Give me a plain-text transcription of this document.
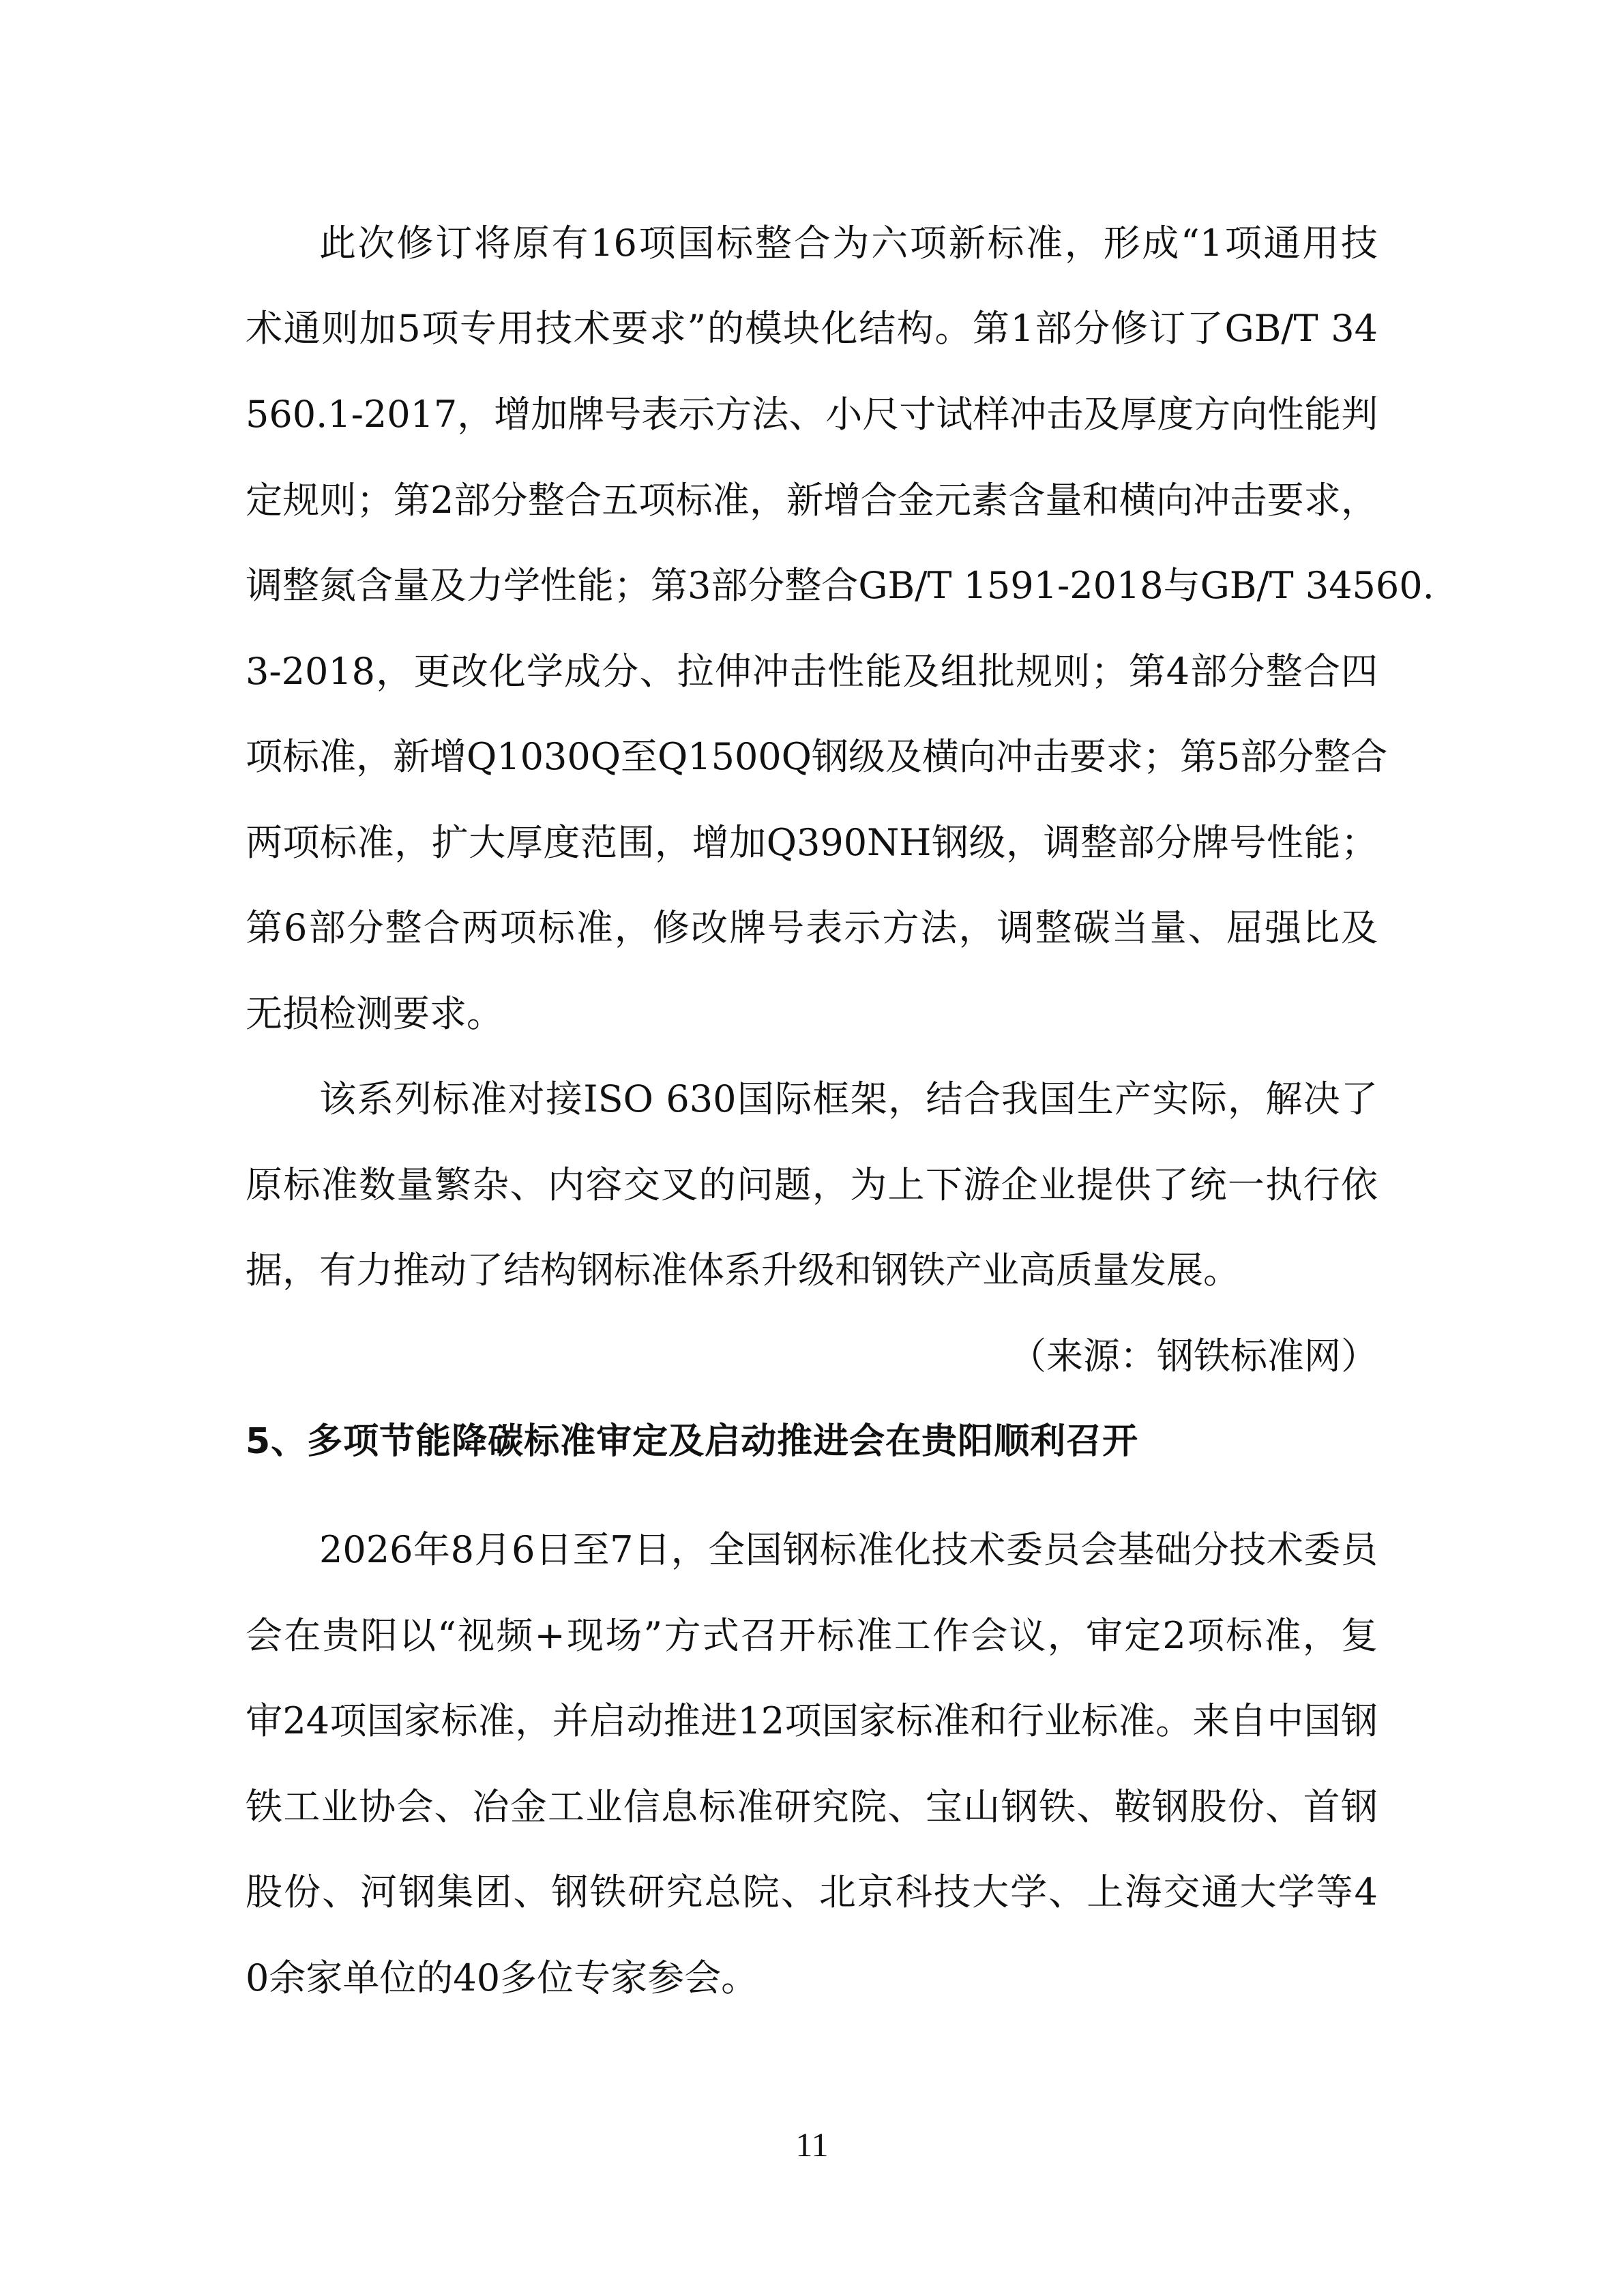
此次修订将原有16项国标整合为六项新标准，形成“1项通用技
术通则加5项专用技术要求”的模块化结构。第1部分修订了GB/T 34
560.1-2017，增加牌号表示方法、小尺寸试样冲击及厚度方向性能判
定规则；第2部分整合五项标准，新增合金元素含量和横向冲击要求，
调整氮含量及力学性能；第3部分整合GB/T 1591-2018与GB/T 34560.
3-2018，更改化学成分、拉伸冲击性能及组批规则；第4部分整合四
项标准，新增Q1030Q至Q1500Q钢级及横向冲击要求；第5部分整合
两项标准，扩大厚度范围，增加Q390NH钢级，调整部分牌号性能；
第6部分整合两项标准，修改牌号表示方法，调整碳当量、屈强比及
无损检测要求。
该系列标准对接ISO 630国际框架，结合我国生产实际，解决了
原标准数量繁杂、内容交叉的问题，为上下游企业提供了统一执行依
据，有力推动了结构钢标准体系升级和钢铁产业高质量发展。
（来源：钢铁标准网）
5、多项节能降碳标准审定及启动推进会在贵阳顺利召开
2026年8月6日至7日，全国钢标准化技术委员会基础分技术委员
会在贵阳以“视频+现场”方式召开标准工作会议，审定2项标准，复
审24项国家标准，并启动推进12项国家标准和行业标准。来自中国钢
铁工业协会、冶金工业信息标准研究院、宝山钢铁、鞍钢股份、首钢
股份、河钢集团、钢铁研究总院、北京科技大学、上海交通大学等4
0余家单位的40多位专家参会。
11
